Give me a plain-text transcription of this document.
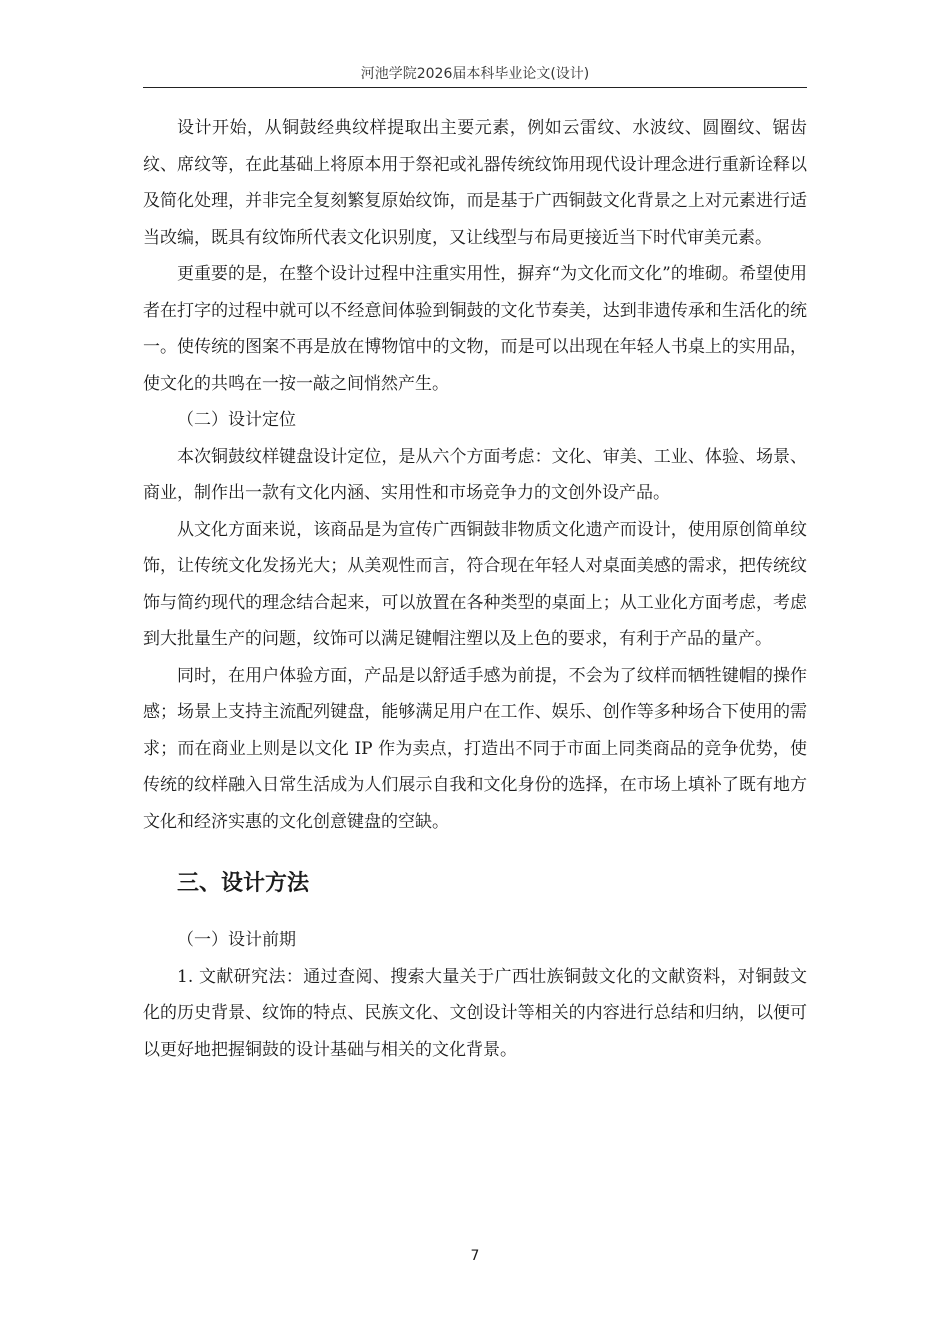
河池学院2026届本科毕业论文(设计)

设计开始，从铜鼓经典纹样提取出主要元素，例如云雷纹、水波纹、圆圈纹、锯齿纹、席纹等，在此基础上将原本用于祭祀或礼器传统纹饰用现代设计理念进行重新诠释以及简化处理，并非完全复刻繁复原始纹饰，而是基于广西铜鼓文化背景之上对元素进行适当改编，既具有纹饰所代表文化识别度，又让线型与布局更接近当下时代审美元素。

更重要的是，在整个设计过程中注重实用性，摒弃“为文化而文化”的堆砌。希望使用者在打字的过程中就可以不经意间体验到铜鼓的文化节奏美，达到非遗传承和生活化的统一。使传统的图案不再是放在博物馆中的文物，而是可以出现在年轻人书桌上的实用品，使文化的共鸣在一按一敲之间悄然产生。

（二）设计定位

本次铜鼓纹样键盘设计定位，是从六个方面考虑：文化、审美、工业、体验、场景、商业，制作出一款有文化内涵、实用性和市场竞争力的文创外设产品。

从文化方面来说，该商品是为宣传广西铜鼓非物质文化遗产而设计，使用原创简单纹饰，让传统文化发扬光大；从美观性而言，符合现在年轻人对桌面美感的需求，把传统纹饰与简约现代的理念结合起来，可以放置在各种类型的桌面上；从工业化方面考虑，考虑到大批量生产的问题，纹饰可以满足键帽注塑以及上色的要求，有利于产品的量产。

同时，在用户体验方面，产品是以舒适手感为前提，不会为了纹样而牺牲键帽的操作感；场景上支持主流配列键盘，能够满足用户在工作、娱乐、创作等多种场合下使用的需求；而在商业上则是以文化 IP 作为卖点，打造出不同于市面上同类商品的竞争优势，使传统的纹样融入日常生活成为人们展示自我和文化身份的选择，在市场上填补了既有地方文化和经济实惠的文化创意键盘的空缺。

三、设计方法

（一）设计前期

1. 文献研究法：通过查阅、搜索大量关于广西壮族铜鼓文化的文献资料，对铜鼓文化的历史背景、纹饰的特点、民族文化、文创设计等相关的内容进行总结和归纳，以便可以更好地把握铜鼓的设计基础与相关的文化背景。

7
